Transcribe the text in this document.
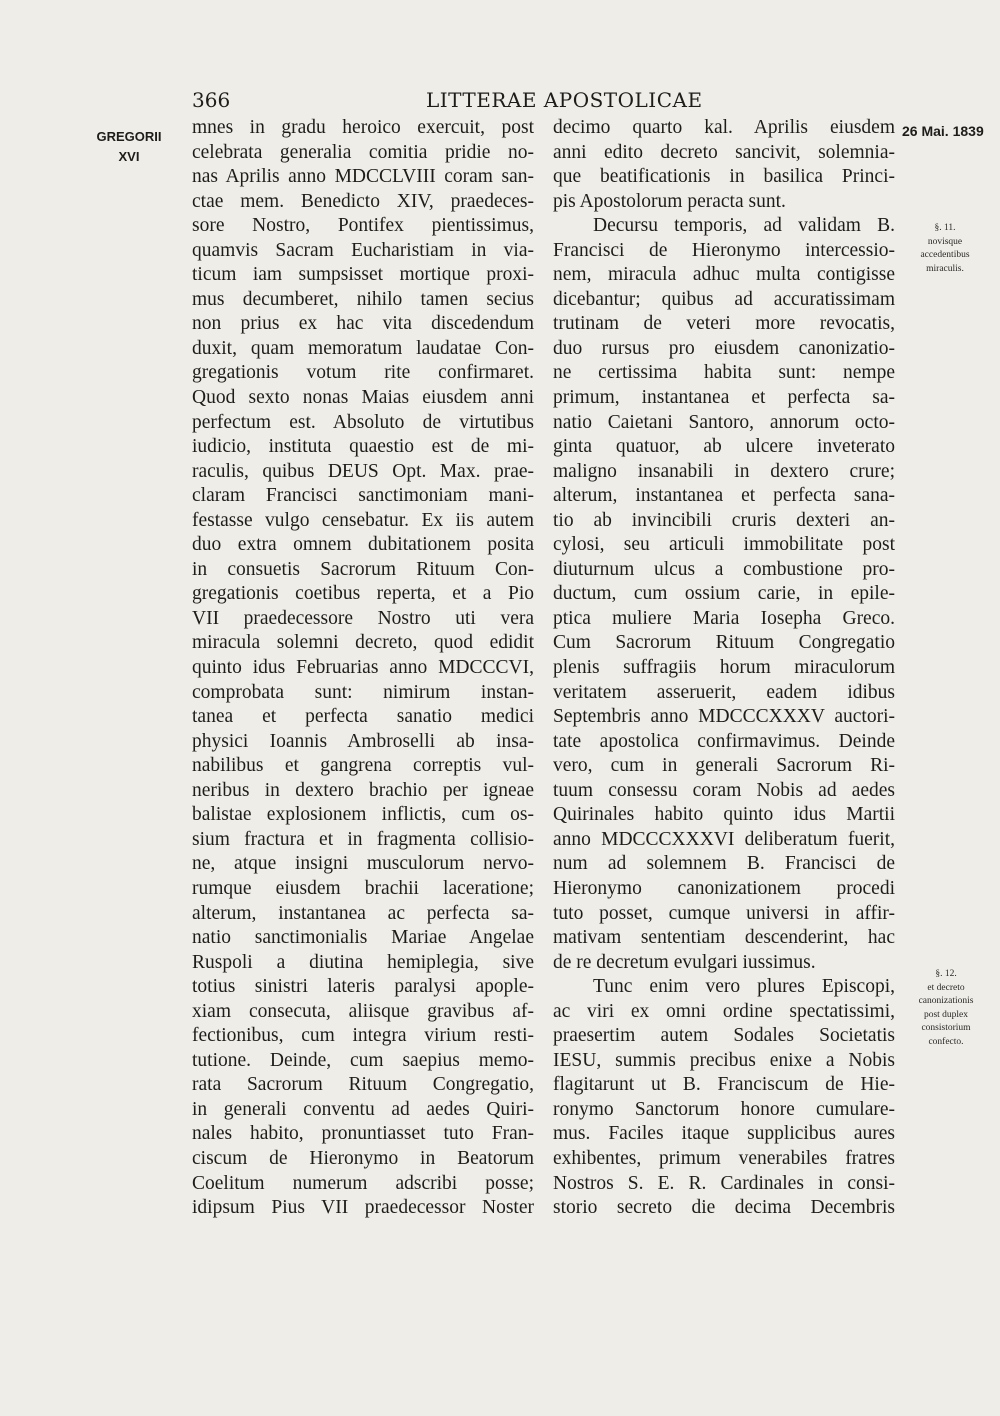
366	LITTERAE APOSTOLICAE
GREGORII
XVI
26 Mai. 1839
§. 11.
novisque
accedentibus
miraculis.
§. 12.
et decreto
canonizationis
post duplex
consistorium
confecto.
mnes in gradu heroico exercuit, post
celebrata generalia comitia pridie no-
nas Aprilis anno MDCCLVIII coram san-
ctae mem. Benedicto XIV, praedeces-
sore Nostro, Pontifex pientissimus,
quamvis Sacram Eucharistiam in via-
ticum iam sumpsisset mortique proxi-
mus decumberet, nihilo tamen secius
non prius ex hac vita discedendum
duxit, quam memoratum laudatae Con-
gregationis votum rite confirmaret.
Quod sexto nonas Maias eiusdem anni
perfectum est. Absoluto de virtutibus
iudicio, instituta quaestio est de mi-
raculis, quibus DEUS Opt. Max. prae-
claram Francisci sanctimoniam mani-
festasse vulgo censebatur. Ex iis autem
duo extra omnem dubitationem posita
in consuetis Sacrorum Rituum Con-
gregationis coetibus reperta, et a Pio
VII praedecessore Nostro uti vera
miracula solemni decreto, quod edidit
quinto idus Februarias anno MDCCCVI,
comprobata sunt: nimirum instan-
tanea et perfecta sanatio medici
physici Ioannis Ambroselli ab insa-
nabilibus et gangrena correptis vul-
neribus in dextero brachio per igneae
balistae explosionem inflictis, cum os-
sium fractura et in fragmenta collisio-
ne, atque insigni musculorum nervo-
rumque eiusdem brachii laceratione;
alterum, instantanea ac perfecta sa-
natio sanctimonialis Mariae Angelae
Ruspoli a diutina hemiplegia, sive
totius sinistri lateris paralysi apople-
xiam consecuta, aliisque gravibus af-
fectionibus, cum integra virium resti-
tutione. Deinde, cum saepius memo-
rata Sacrorum Rituum Congregatio,
in generali conventu ad aedes Quiri-
nales habito, pronuntiasset tuto Fran-
ciscum de Hieronymo in Beatorum
Coelitum numerum adscribi posse;
idipsum Pius VII praedecessor Noster
decimo quarto kal. Aprilis eiusdem
anni edito decreto sancivit, solemnia-
que beatificationis in basilica Princi-
pis Apostolorum peracta sunt.
Decursu temporis, ad validam B.
Francisci de Hieronymo intercessio-
nem, miracula adhuc multa contigisse
dicebantur; quibus ad accuratissimam
trutinam de veteri more revocatis,
duo rursus pro eiusdem canonizatio-
ne certissima habita sunt: nempe
primum, instantanea et perfecta sa-
natio Caietani Santoro, annorum octo-
ginta quatuor, ab ulcere inveterato
maligno insanabili in dextero crure;
alterum, instantanea et perfecta sana-
tio ab invincibili cruris dexteri an-
cylosi, seu articuli immobilitate post
diuturnum ulcus a combustione pro-
ductum, cum ossium carie, in epile-
ptica muliere Maria Iosepha Greco.
Cum Sacrorum Rituum Congregatio
plenis suffragiis horum miraculorum
veritatem asseruerit, eadem idibus
Septembris anno MDCCCXXXV auctori-
tate apostolica confirmavimus. Deinde
vero, cum in generali Sacrorum Ri-
tuum consessu coram Nobis ad aedes
Quirinales habito quinto idus Martii
anno MDCCCXXXVI deliberatum fuerit,
num ad solemnem B. Francisci de
Hieronymo canonizationem procedi
tuto posset, cumque universi in affir-
mativam sententiam descenderint, hac
de re decretum evulgari iussimus.
Tunc enim vero plures Episcopi,
ac viri ex omni ordine spectatissimi,
praesertim autem Sodales Societatis
IESU, summis precibus enixe a Nobis
flagitarunt ut B. Franciscum de Hie-
ronymo Sanctorum honore cumulare-
mus. Faciles itaque supplicibus aures
exhibentes, primum venerabiles fratres
Nostros S. E. R. Cardinales in consi-
storio secreto die decima Decembris
